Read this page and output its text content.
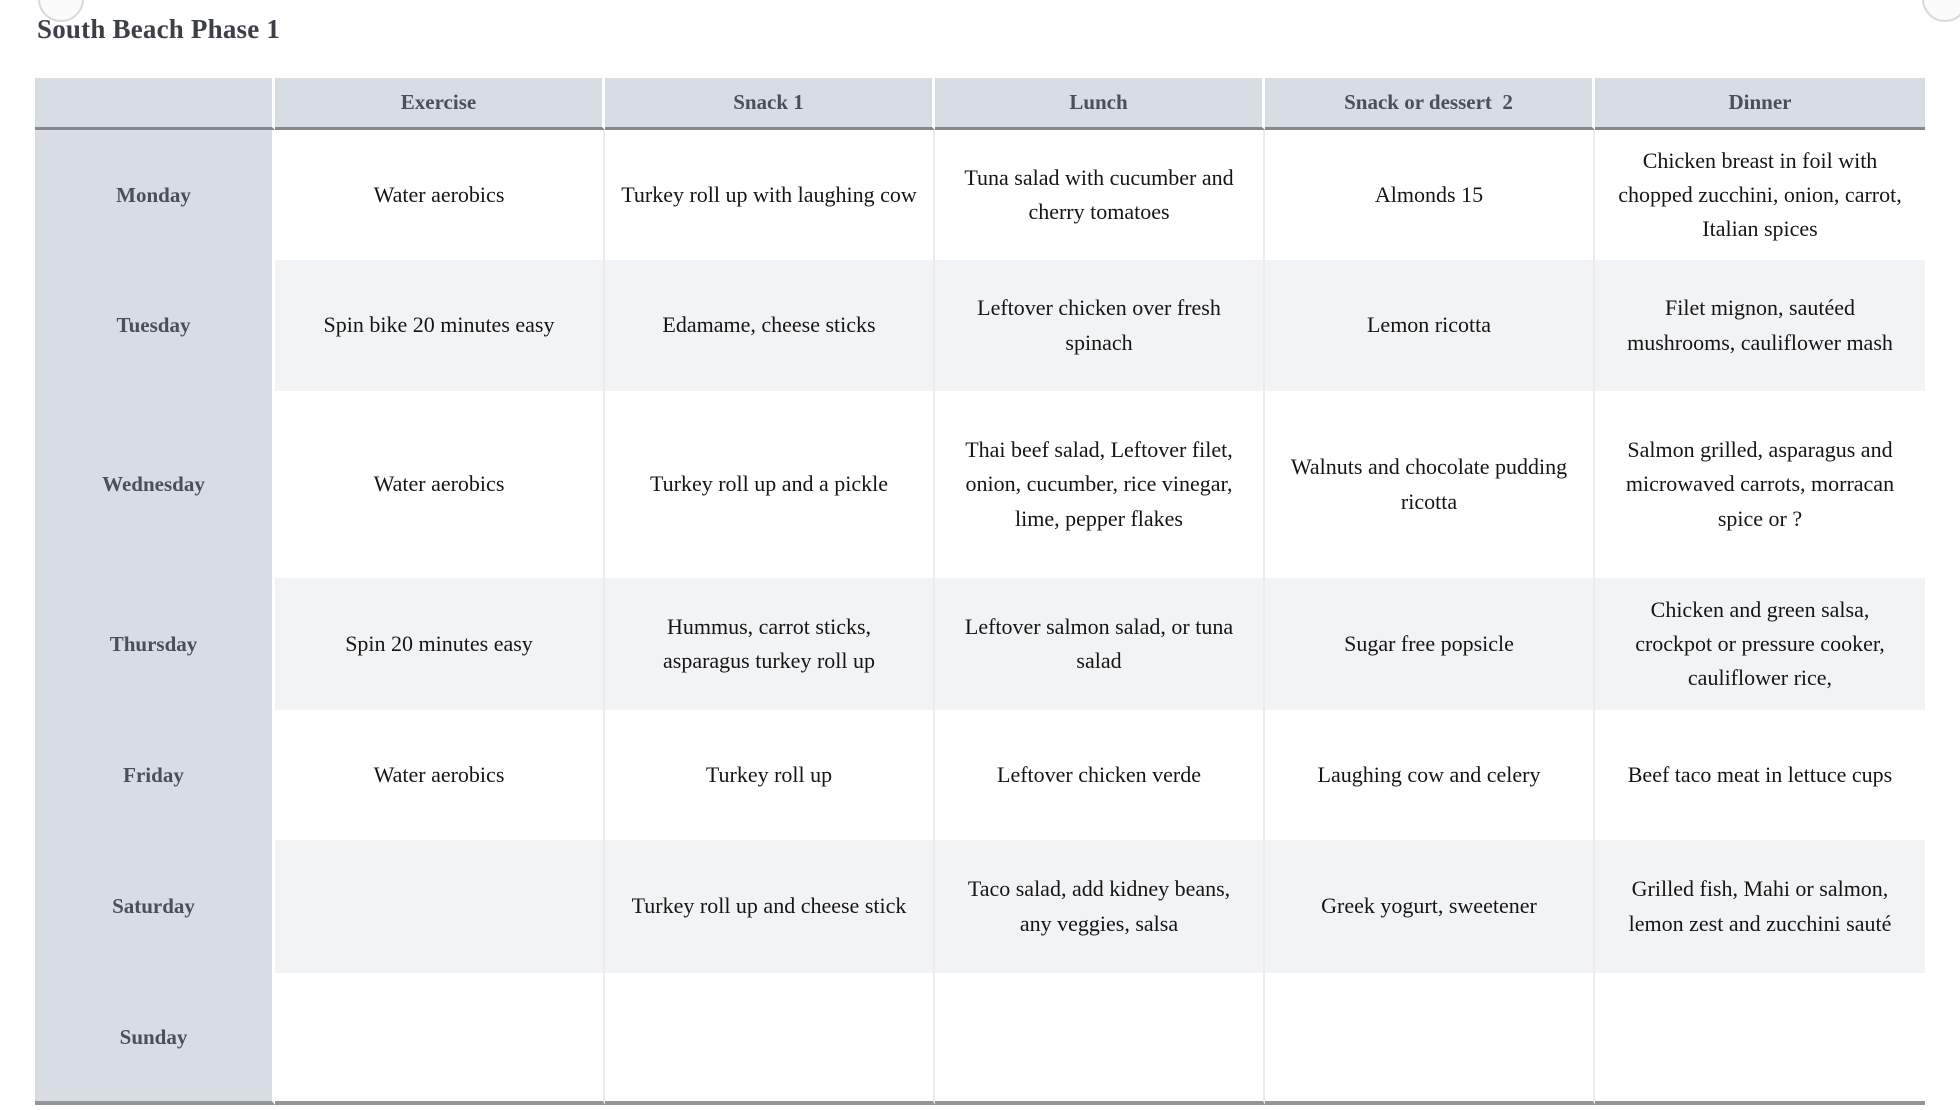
South Beach Phase 1
	Exercise	Snack 1	Lunch	Snack or dessert  2	Dinner
Monday	Water aerobics	Turkey roll up with laughing cow	Tuna salad with cucumber and cherry tomatoes	Almonds 15	Chicken breast in foil with chopped zucchini, onion, carrot, Italian spices
Tuesday	Spin bike 20 minutes easy	Edamame, cheese sticks	Leftover chicken over fresh spinach	Lemon ricotta	Filet mignon, sautéed mushrooms, cauliflower mash
Wednesday	Water aerobics	Turkey roll up and a pickle	Thai beef salad, Leftover filet, onion, cucumber, rice vinegar, lime, pepper flakes	Walnuts and chocolate pudding ricotta	Salmon grilled, asparagus and microwaved carrots, morracan spice or ?
Thursday	Spin 20 minutes easy	Hummus, carrot sticks, asparagus turkey roll up	Leftover salmon salad, or tuna salad	Sugar free popsicle	Chicken and green salsa, crockpot or pressure cooker, cauliflower rice,
Friday	Water aerobics	Turkey roll up	Leftover chicken verde	Laughing cow and celery	Beef taco meat in lettuce cups
Saturday		Turkey roll up and cheese stick	Taco salad, add kidney beans, any veggies, salsa	Greek yogurt, sweetener	Grilled fish, Mahi or salmon, lemon zest and zucchini sauté
Sunday					
